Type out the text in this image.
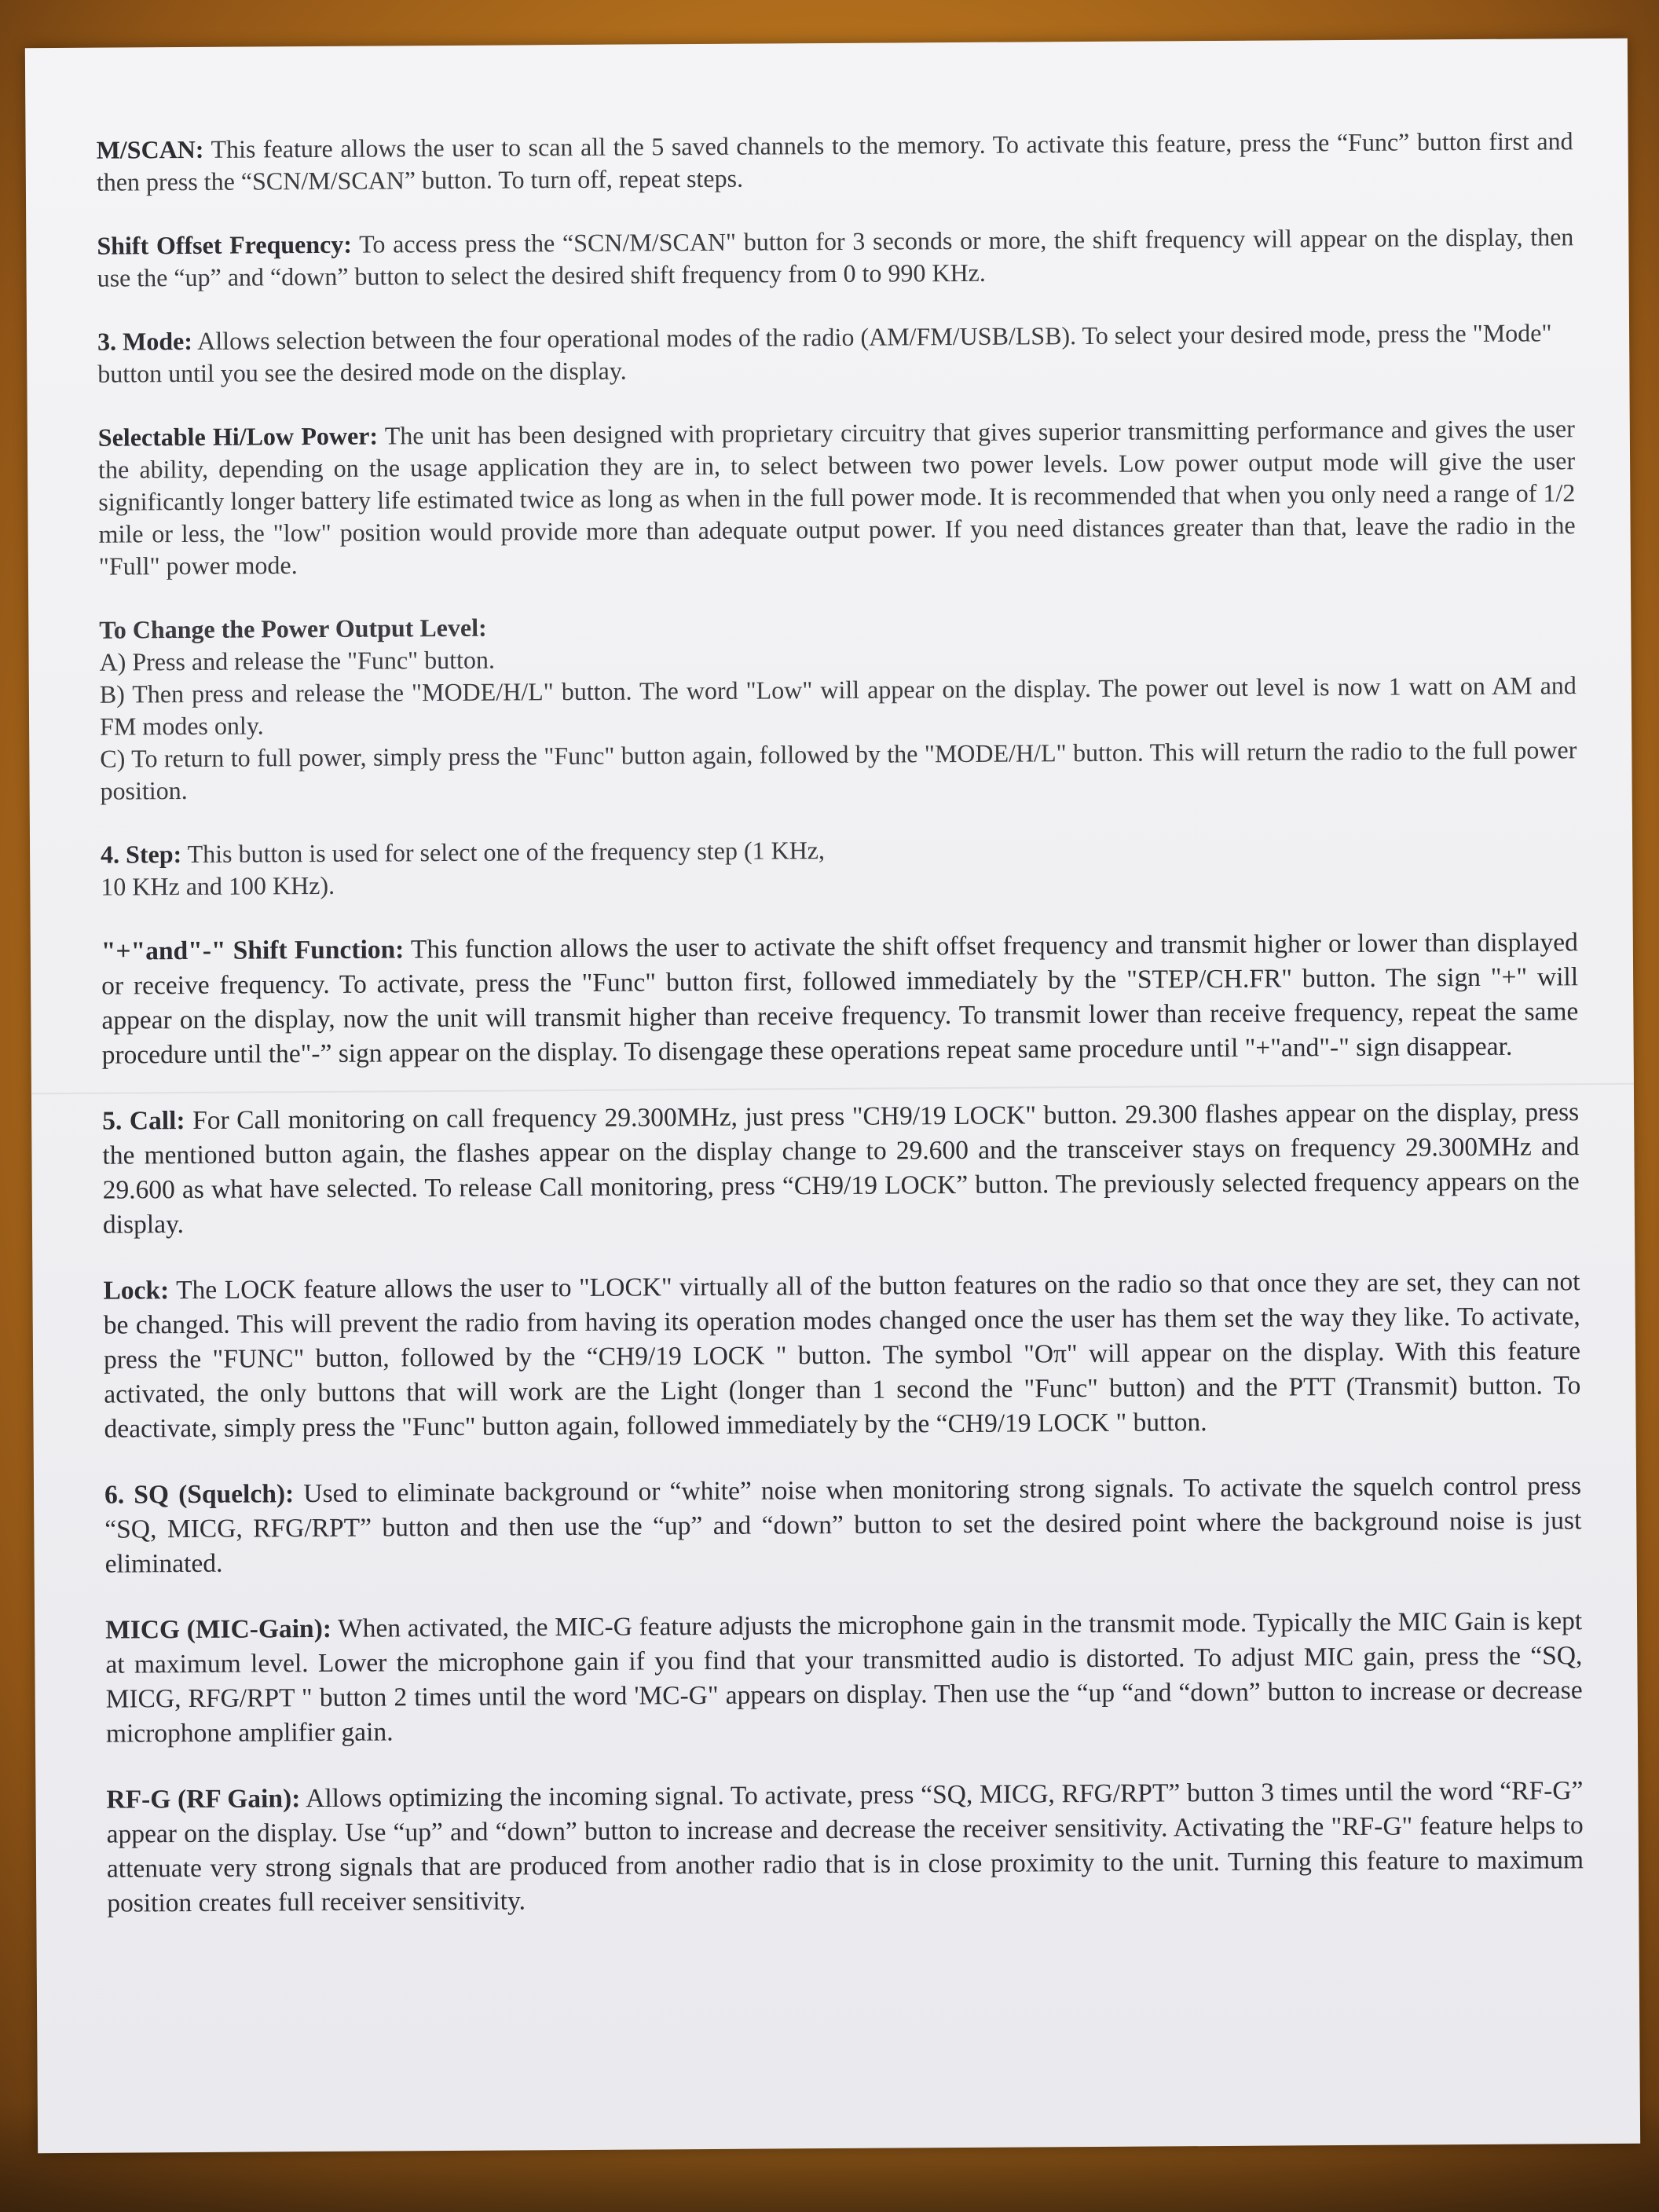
M/SCAN: This feature allows the user to scan all the 5 saved channels to the memory. To activate this feature, press the “Func” button first and then press the “SCN/M/SCAN” button. To turn off, repeat steps.

Shift Offset Frequency: To access press the “SCN/M/SCAN" button for 3 seconds or more, the shift frequency will appear on the display, then use the “up” and “down” button to select the desired shift frequency from 0 to 990 KHz.

3. Mode: Allows selection between the four operational modes of the radio (AM/FM/USB/LSB). To select your desired mode, press the "Mode"
button until you see the desired mode on the display.

Selectable Hi/Low Power: The unit has been designed with proprietary circuitry that gives superior transmitting performance and gives the user the ability, depending on the usage application they are in, to select between two power levels. Low power output mode will give the user significantly longer battery life estimated twice as long as when in the full power mode. It is recommended that when you only need a range of 1/2 mile or less, the "low" position would provide more than adequate output power. If you need distances greater than that, leave the radio in the "Full" power mode.

To Change the Power Output Level:
A) Press and release the "Func" button.
B) Then press and release the "MODE/H/L" button. The word "Low" will appear on the display. The power out level is now 1 watt on AM and FM modes only.
C) To return to full power, simply press the "Func" button again, followed by the "MODE/H/L" button. This will return the radio to the full power position.
4. Step: This button is used for select one of the frequency step (1 KHz,
10 KHz and 100 KHz).

"+"and"-" Shift Function: This function allows the user to activate the shift offset frequency and transmit higher or lower than displayed or receive frequency. To activate, press the "Func" button first, followed immediately by the "STEP/CH.FR" button. The sign "+" will appear on the display, now the unit will transmit higher than receive frequency. To transmit lower than receive frequency, repeat the same procedure until the"-” sign appear on the display. To disengage these operations repeat same procedure until "+"and"-" sign disappear.

5. Call: For Call monitoring on call frequency 29.300MHz, just press "CH9/19 LOCK" button. 29.300 flashes appear on the display, press the mentioned button again, the flashes appear on the display change to 29.600 and the transceiver stays on frequency 29.300MHz and 29.600 as what have selected. To release Call monitoring, press “CH9/19 LOCK” button. The previously selected frequency appears on the display.

Lock: The LOCK feature allows the user to "LOCK" virtually all of the button features on the radio so that once they are set, they can not be changed. This will prevent the radio from having its operation modes changed once the user has them set the way they like. To activate, press the "FUNC" button, followed by the “CH9/19 LOCK " button. The symbol "Oπ" will appear on the display. With this feature activated, the only buttons that will work are the Light (longer than 1 second the "Func" button) and the PTT (Transmit) button. To deactivate, simply press the "Func" button again, followed immediately by the “CH9/19 LOCK " button.

6. SQ (Squelch): Used to eliminate background or “white” noise when monitoring strong signals. To activate the squelch control press “SQ, MICG, RFG/RPT” button and then use the “up” and “down” button to set the desired point where the background noise is just eliminated.

MICG (MIC-Gain): When activated, the MIC-G feature adjusts the microphone gain in the transmit mode. Typically the MIC Gain is kept at maximum level. Lower the microphone gain if you find that your transmitted audio is distorted. To adjust MIC gain, press the “SQ, MICG, RFG/RPT " button 2 times until the word 'MC-G" appears on display. Then use the “up “and “down” button to increase or decrease microphone amplifier gain.

RF-G (RF Gain): Allows optimizing the incoming signal. To activate, press “SQ, MICG, RFG/RPT” button 3 times until the word “RF-G” appear on the display. Use “up” and “down” button to increase and decrease the receiver sensitivity. Activating the "RF-G" feature helps to attenuate very strong signals that are produced from another radio that is in close proximity to the unit. Turning this feature to maximum position creates full receiver sensitivity.
